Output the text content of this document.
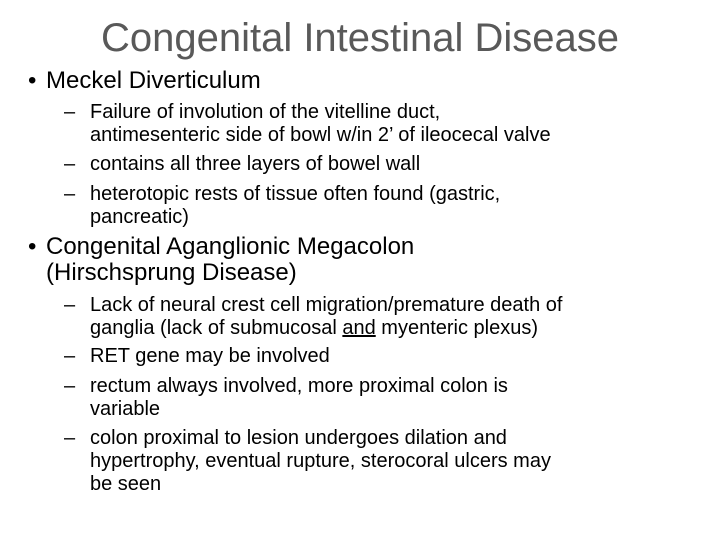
Congenital Intestinal Disease
• Meckel Diverticulum
– Failure of involution of the vitelline duct,
antimesenteric side of bowl w/in 2’ of ileocecal valve
– contains all three layers of bowel wall
– heterotopic rests of tissue often found (gastric,
pancreatic)
• Congenital Aganglionic Megacolon
(Hirschsprung Disease)
– Lack of neural crest cell migration/premature death of
ganglia (lack of submucosal and myenteric plexus)
– RET gene may be involved
– rectum always involved, more proximal colon is
variable
– colon proximal to lesion undergoes dilation and
hypertrophy, eventual rupture, sterocoral ulcers may
be seen
